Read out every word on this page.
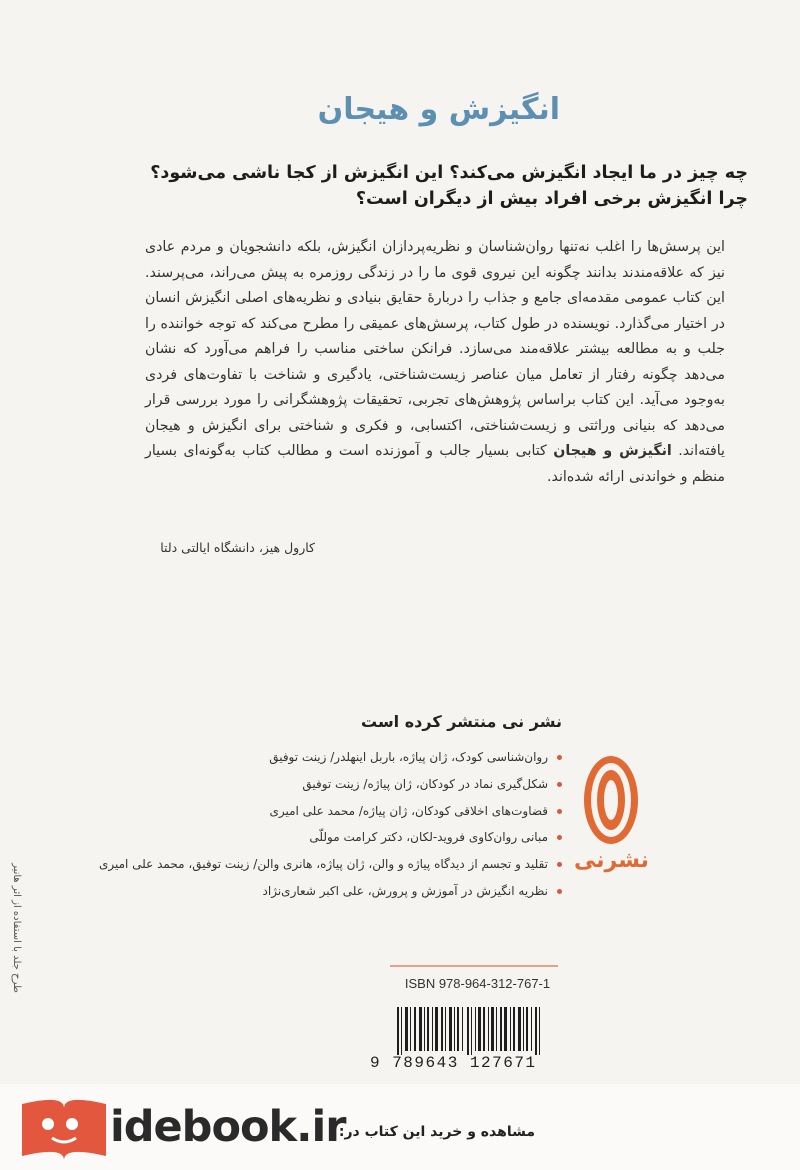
انگیزش و هیجان
چه چیز در ما ایجاد انگیزش می‌کند؟ این انگیزش از کجا ناشی می‌شود؟
چرا انگیزش برخی افراد بیش از دیگران است؟
این پرسش‌ها را اغلب نه‌تنها روان‌شناسان و نظریه‌پردازان انگیزش، بلکه دانشجویان و مردم عادی نیز که علاقه‌مندند بدانند چگونه این نیروی قوی ما را در زندگی روزمره به پیش می‌راند، می‌پرسند. این کتاب عمومی مقدمه‌ای جامع و جذاب را دربارهٔ حقایق بنیادی و نظریه‌های اصلی انگیزش انسان در اختیار می‌گذارد. نویسنده در طول کتاب، پرسش‌های عمیقی را مطرح می‌کند که توجه خواننده را جلب و به مطالعه بیشتر علاقه‌مند می‌سازد. فرانکن ساختی مناسب را فراهم می‌آورد که نشان می‌دهد چگونه رفتار از تعامل میان عناصر زیست‌شناختی، یادگیری و شناخت با تفاوت‌های فردی به‌وجود می‌آید. این کتاب براساس پژوهش‌های تجربی، تحقیقات پژوهشگرانی را مورد بررسی قرار می‌دهد که بنیانی وراثتی و زیست‌شناختی، اکتسابی، و فکری و شناختی برای انگیزش و هیجان یافته‌اند. انگیزش و هیجان کتابی بسیار جالب و آموزنده است و مطالب کتاب به‌گونه‌ای بسیار منظم و خواندنی ارائه شده‌اند.
کارول هیز، دانشگاه ایالتی دلتا
نشر نی منتشر کرده است
روان‌شناسی کودک، ژان پیاژه، باربل اینهلدر/ زینت توفیق
شکل‌گیری نماد در کودکان، ژان پیاژه/ زینت توفیق
قضاوت‌های اخلاقی کودکان، ژان پیاژه/ محمد علی امیری
مبانی روان‌کاوی فروید-لکان، دکتر کرامت موللّی
تقلید و تجسم از دیدگاه پیاژه و والن، ژان پیاژه، هانری والن/ زینت توفیق، محمد علی امیری
نظریه انگیزش در آموزش و پرورش، علی اکبر شعاری‌نژاد
نشرنی
طرح جلد با استفاده از اثر هانیر	ISBN 978-964-312-767-1
9 789643 127671
idebook.ir
مشاهده و خرید این کتاب در:
